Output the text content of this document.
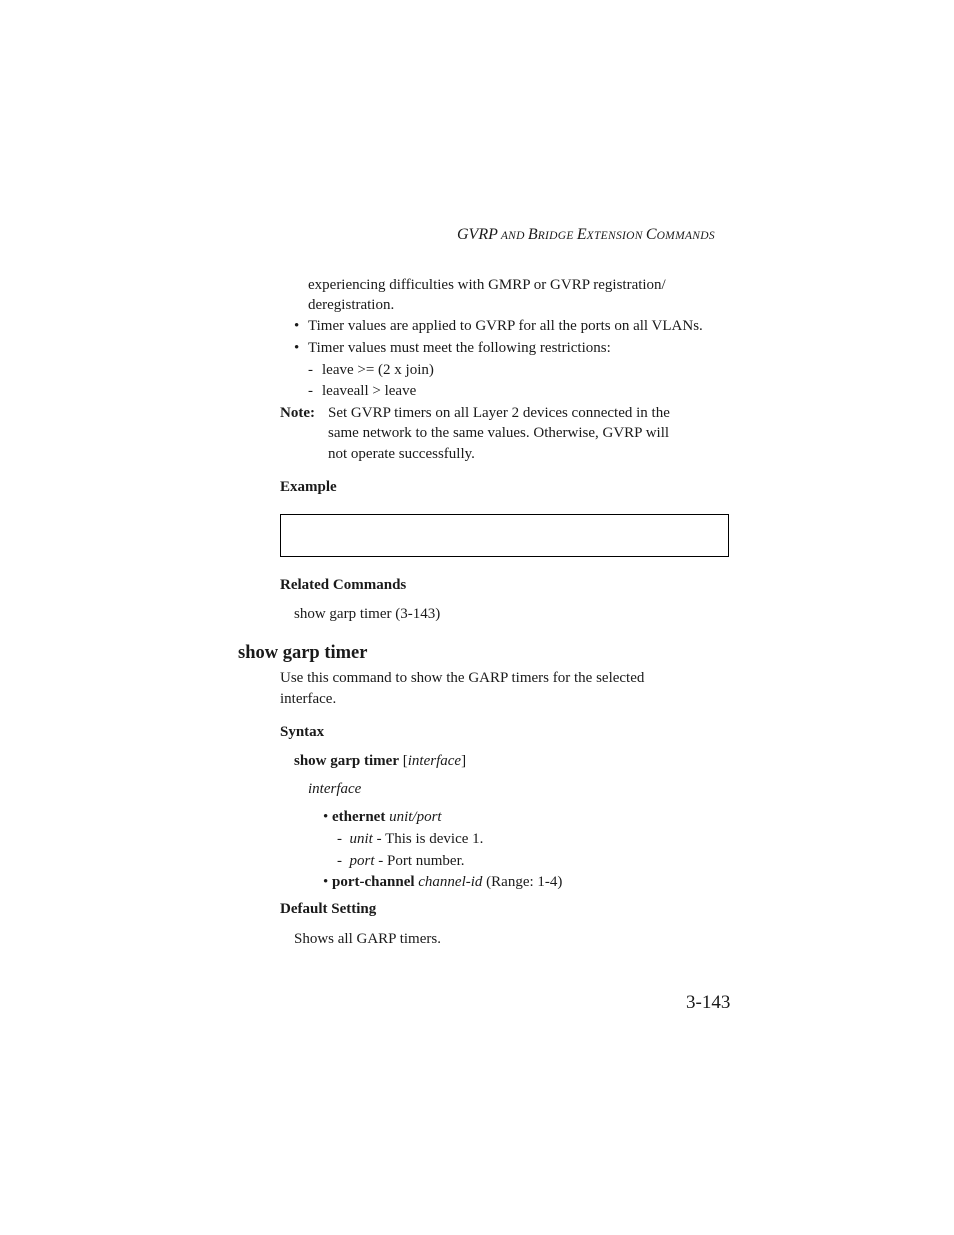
GVRP AND BRIDGE EXTENSION COMMANDS
experiencing difficulties with GMRP or GVRP registration/
deregistration.
• Timer values are applied to GVRP for all the ports on all VLANs.
• Timer values must meet the following restrictions:
- leave >= (2 x join)
- leaveall > leave
Note: Set GVRP timers on all Layer 2 devices connected in the
same network to the same values. Otherwise, GVRP will
not operate successfully.
Example
Related Commands
show garp timer (3-143)
show garp timer
Use this command to show the GARP timers for the selected
interface.
Syntax
show garp timer [interface]
interface
• ethernet unit/port
- unit - This is device 1.
- port - Port number.
• port-channel channel-id (Range: 1-4)
Default Setting
Shows all GARP timers.
3-143
